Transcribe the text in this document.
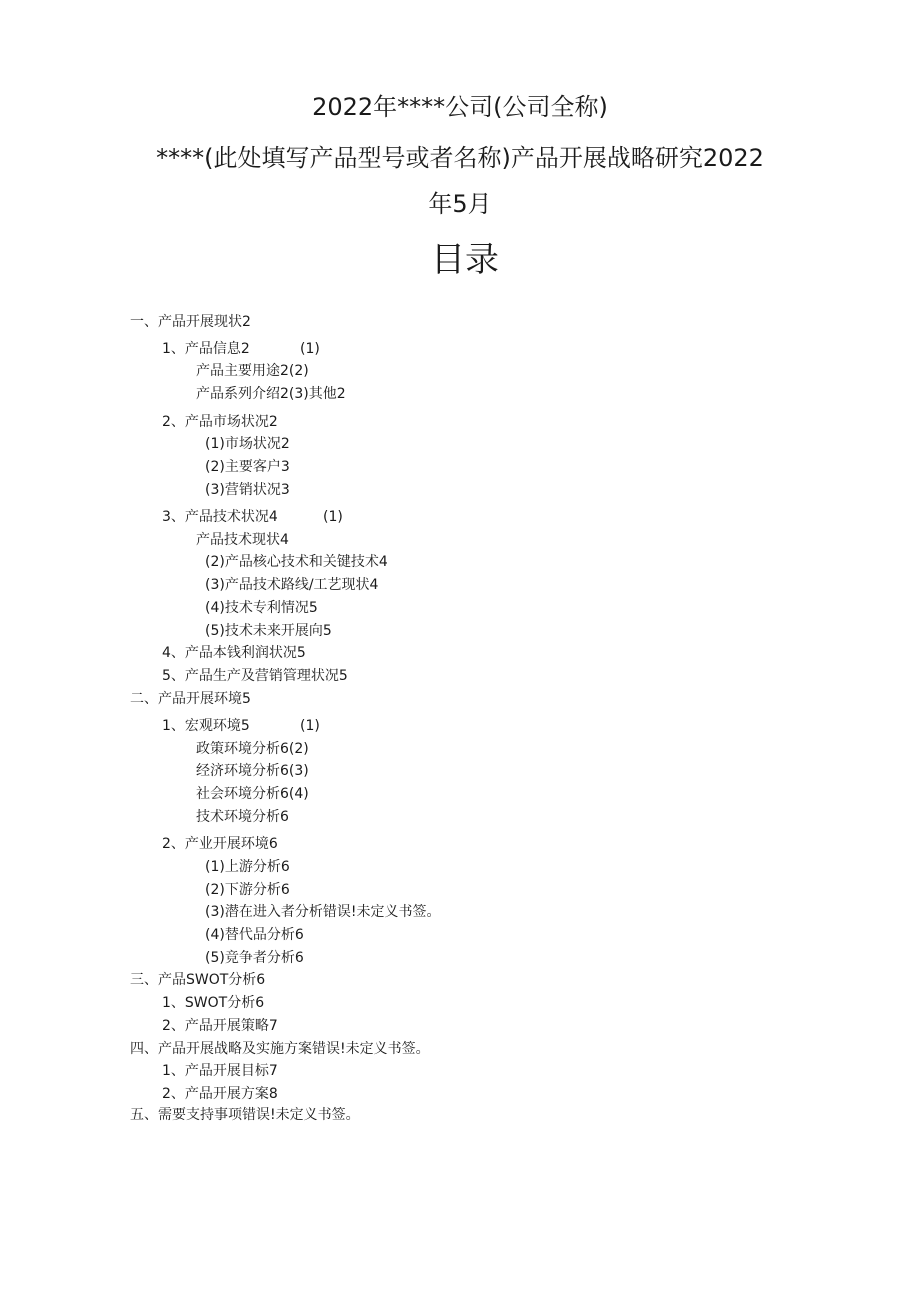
2022年****公司(公司全称)
****(此处填写产品型号或者名称)产品开展战略研究2022
年5月
目录
一、产品开展现状2
1、产品信息2	(1)
产品主要用途2(2)
产品系列介绍2(3)其他2
2、产品市场状况2
(1)市场状况2
(2)主要客户3
(3)营销状况3
3、产品技术状况4	(1)
产品技术现状4
(2)产品核心技术和关键技术4
(3)产品技术路线/工艺现状4
(4)技术专利情况5
(5)技术未来开展向5
4、产品本钱利润状况5
5、产品生产及营销管理状况5
二、产品开展环境5
1、宏观环境5	(1)
政策环境分析6(2)
经济环境分析6(3)
社会环境分析6(4)
技术环境分析6
2、产业开展环境6
(1)上游分析6
(2)下游分析6
(3)潜在进入者分析错误!未定义书签。
(4)替代品分析6
(5)竞争者分析6
三、产品SWOT分析6
1、SWOT分析6
2、产品开展策略7
四、产品开展战略及实施方案错误!未定义书签。
1、产品开展目标7
2、产品开展方案8
五、需要支持事项错误!未定义书签。
